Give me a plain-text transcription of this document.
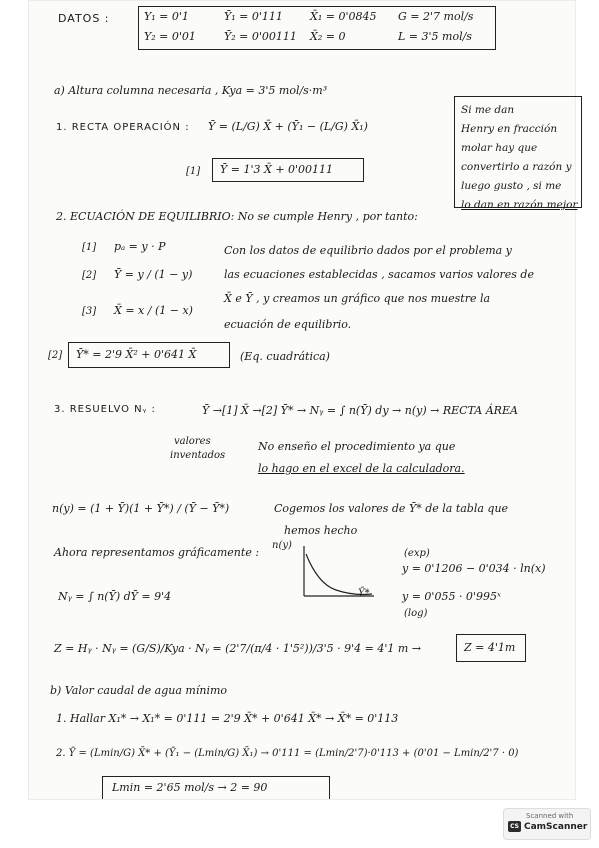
DATOS :	Y₁ = 0'1	Ȳ₁ = 0'111 X̄₁ = 0'0845 G = 2'7 mol/s
Y₂ = 0'01	Ȳ₂ = 0'00111 X̄₂ = 0	L = 3'5 mol/s
a) Altura columna necesaria , Kya = 3'5 mol/s·m³
1. RECTA OPERACIÓN : Ȳ = (L/G) X̄ + (Ȳ₁ − (L/G) X̄₁)
[1] Ȳ = 1'3 X̄ + 0'00111
Si me dan
Henry en fracción
molar hay que
convertirlo a razón y
luego gusto , si me
lo dan en razón mejor
2. ECUACIÓN DE EQUILIBRIO: No se cumple Henry , por tanto:
[1] pₐ = y · P
[2] Ȳ = y / (1 − y)
[3] X̄ = x / (1 − x)
Con los datos de equilibrio dados por el problema y
las ecuaciones establecidas , sacamos varios valores de
X̄ e Ȳ , y creamos un gráfico que nos muestre la
ecuación de equilibrio.
[2] Ȳ* = 2'9 X̄² + 0'641 X̄	(Eq. cuadrática)
3. RESUELVO Nᵧ :	Ȳ →[1] X̄ →[2] Ȳ* → Nᵧ = ∫ n(Ȳ) dy → n(y) → RECTA ÁREA
valores
inventados
No enseño el procedimiento ya que
lo hago en el excel de la calculadora.
n(y) = (1 + Ȳ)(1 + Ȳ*) / (Ȳ − Ȳ*)	Cogemos los valores de Ȳ* de la tabla que
hemos hecho
Ahora representamos gráficamente :
n(y)
Ȳ*
(exp)
y = 0'1206 − 0'034 · ln(x)
y = 0'055 · 0'995ˣ
(log)
Nᵧ = ∫ n(Ȳ) dȲ = 9'4
Z = Hᵧ · Nᵧ = (G/S)/Kya · Nᵧ = (2'7/(π/4 · 1'5²))/3'5 · 9'4 = 4'1 m →	Z = 4'1m
b) Valor caudal de agua mínimo
1. Hallar X₁* → X₁* = 0'111 = 2'9 X̄* + 0'641 X̄* → X̄* = 0'113
2. Ȳ = (Lmin/G) X̄* + (Ȳ₁ − (Lmin/G) X̄₁) → 0'111 = (Lmin/2'7)·0'113 + (0'01 − Lmin/2'7 · 0)
Lmin = 2'65 mol/s → 2 = 90
CS
Scanned with
CamScanner
